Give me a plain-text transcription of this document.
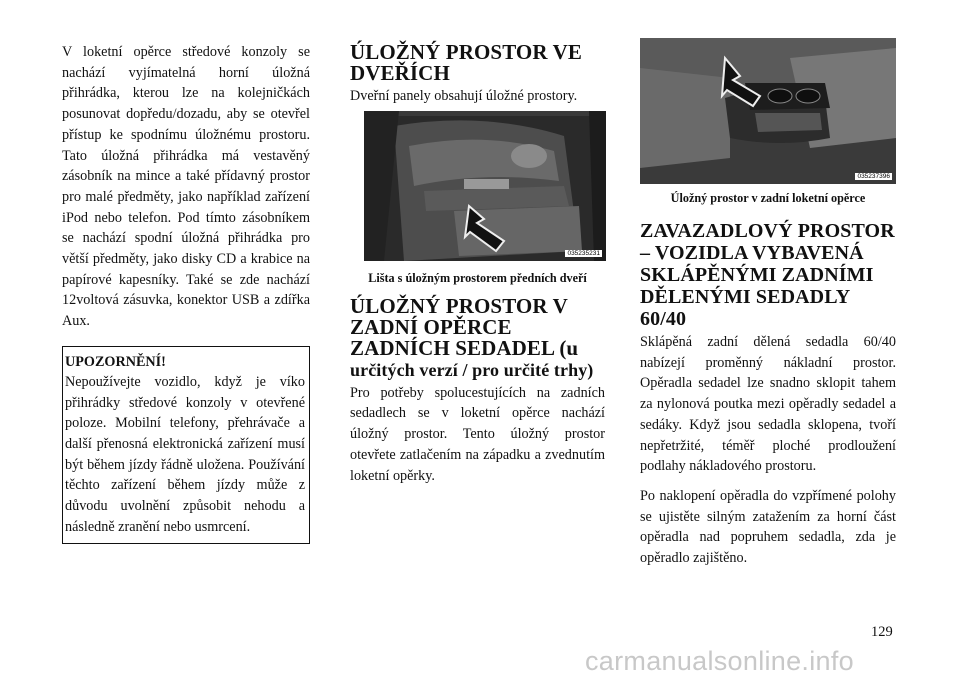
V loketní opěrce středové konzoly se nachází vyjímatelná horní úložná přihrádka, kterou lze na kolejničkách posunovat dopředu/dozadu, aby se otevřel přístup ke spodnímu úložnému prostoru. Tato úložná přihrádka má vestavěný zásobník na mince a také přídavný prostor pro malé předměty, jako například zařízení iPod nebo telefon. Pod tímto zásobníkem se nachází spodní úložná přihrádka pro větší předměty, jako disky CD a krabice na papírové kapesníky. Také se zde nachází 12voltová zásuvka, konektor USB a zdířka Aux.

UPOZORNĚNÍ!

Nepoužívejte vozidlo, když je víko přihrádky středové konzoly v otevřené poloze. Mobilní telefony, přehrávače a další přenosná elektronická zařízení musí být během jízdy řádně uložena. Používání těchto zařízení během jízdy může z důvodu uvolnění způsobit nehodu a následně zranění nebo usmrcení.

ÚLOŽNÝ PROSTOR VE DVEŘÍCH

Dveřní panely obsahují úložné prostory.

035235231
Lišta s úložným prostorem předních dveří
ÚLOŽNÝ PROSTOR V ZADNÍ OPĚRCE ZADNÍCH SEDADEL (u
určitých verzí / pro určité trhy)

Pro potřeby spolucestujících na zadních sedadlech se v loketní opěrce nachází úložný prostor. Tento úložný prostor otevřete zatlačením na západku a zvednutím loketní opěrky.

035237396
Úložný prostor v zadní loketní opěrce
ZAVAZADLOVÝ PROSTOR – VOZIDLA VYBAVENÁ SKLÁPĚNÝMI ZADNÍMI DĚLENÝMI SEDADLY 60/40

Sklápěná zadní dělená sedadla 60/40 nabízejí proměnný nákladní prostor. Opěradla sedadel lze snadno sklopit tahem za nylonová poutka mezi opěradly sedadel a sedáky. Když jsou sedadla sklopena, tvoří nepřetržité, téměř ploché prodloužení podlahy nákladového prostoru.

Po naklopení opěradla do vzpřímené polohy se ujistěte silným zatažením za horní část opěradla nad popruhem sedadla, zda je opěradlo zajištěno.

129
carmanualsonline.info
